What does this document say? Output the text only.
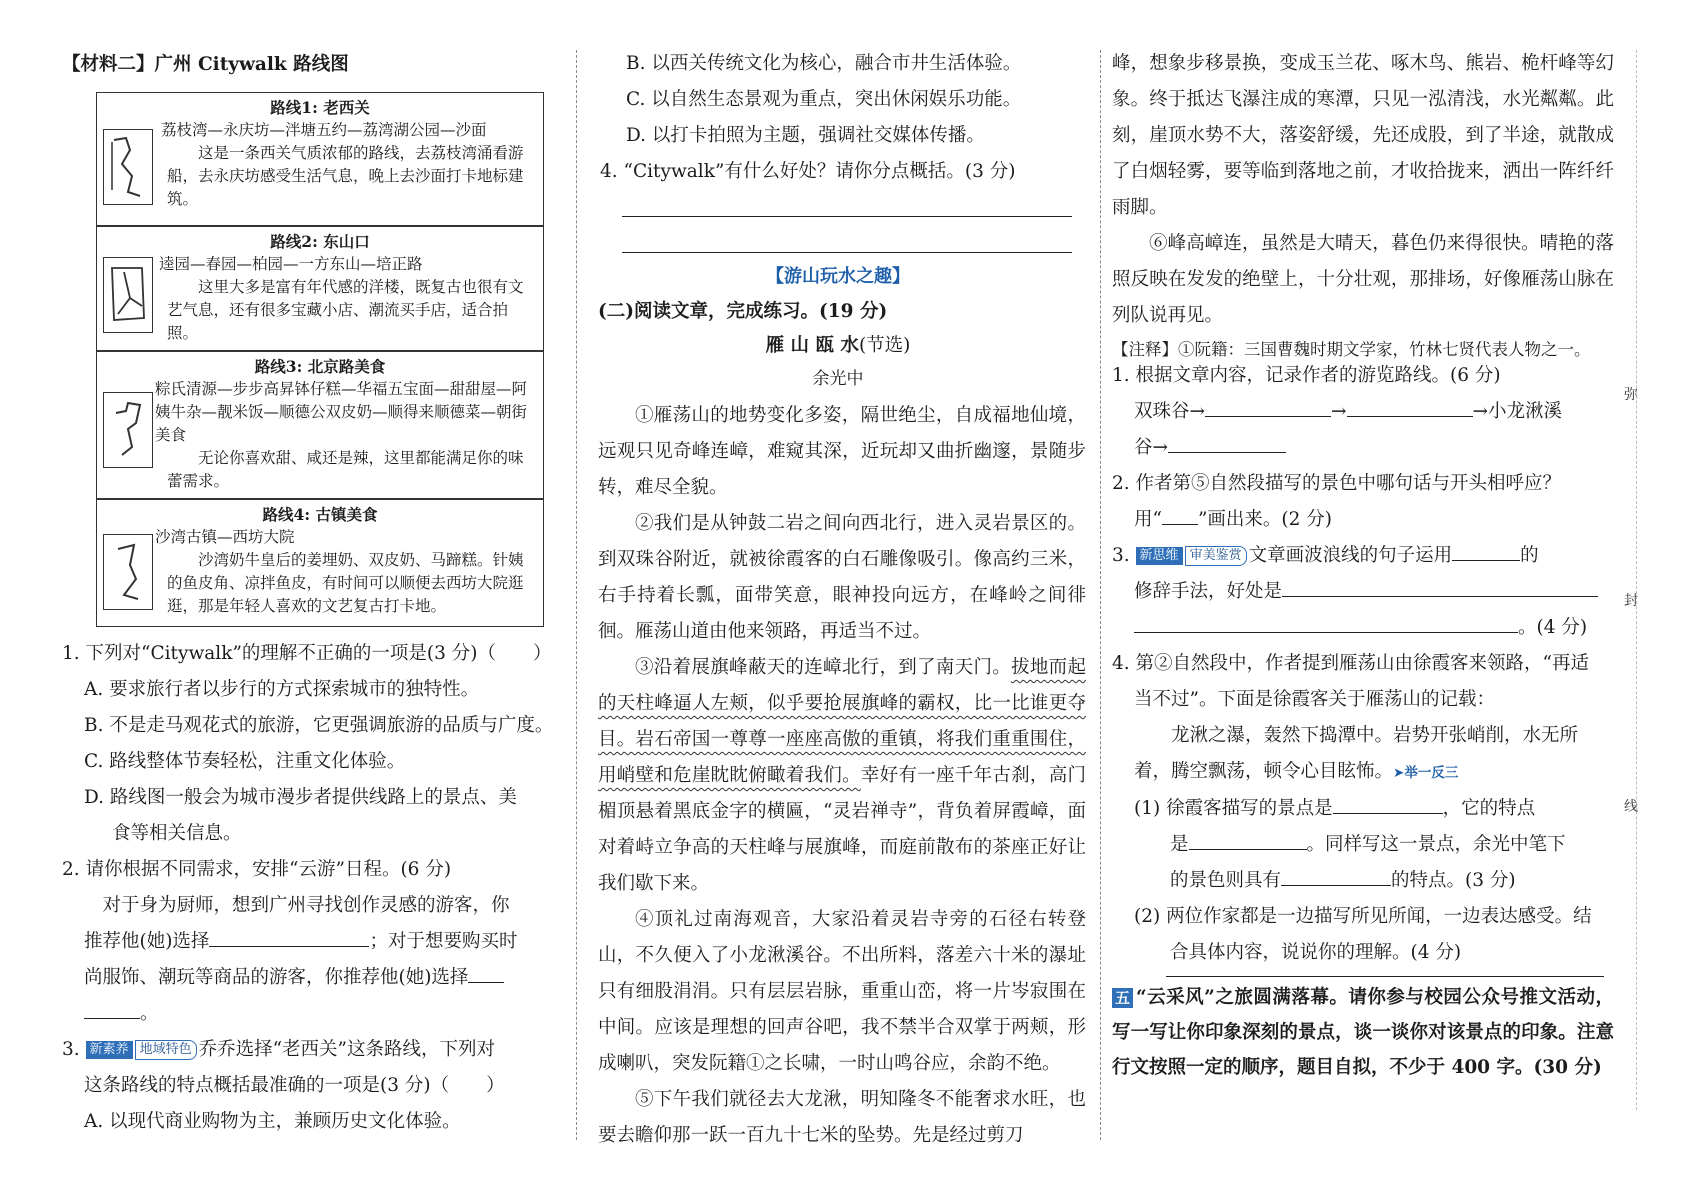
【材料二】广州 Citywalk 路线图
路线1: 老西关

荔枝湾—永庆坊—泮塘五约—荔湾湖公园—沙面

这是一条西关气质浓郁的路线，去荔枝湾涌看游船，去永庆坊感受生活气息，晚上去沙面打卡地标建筑。

路线2: 东山口

逵园—春园—柏园—一方东山—培正路

这里大多是富有年代感的洋楼，既复古也很有文艺气息，还有很多宝藏小店、潮流买手店，适合拍照。

路线3: 北京路美食

粽氏清源—步步高昇钵仔糕—华福五宝面—甜甜屋—阿姨牛杂—靓米饭—顺德公双皮奶—顺得来顺德菜—朝街美食

无论你喜欢甜、咸还是辣，这里都能满足你的味蕾需求。

路线4: 古镇美食

沙湾古镇—西坊大院

沙湾奶牛皇后的姜埋奶、双皮奶、马蹄糕。针姨的鱼皮角、凉拌鱼皮，有时间可以顺便去西坊大院逛逛，那是年轻人喜欢的文艺复古打卡地。

1. 下列对“Citywalk”的理解不正确的一项是(3 分)（　　）

A. 要求旅行者以步行的方式探索城市的独特性。

B. 不是走马观花式的旅游，它更强调旅游的品质与广度。

C. 路线整体节奏轻松，注重文化体验。

D. 路线图一般会为城市漫步者提供线路上的景点、美

食等相关信息。

2. 请你根据不同需求，安排“云游”日程。(6 分)

对于身为厨师，想到广州寻找创作灵感的游客，你

推荐他(她)选择	；对于想要购买时

尚服饰、潮玩等商品的游客，你推荐他(她)选择

。

3. 新素养 地域特色 乔乔选择“老西关”这条路线，下列对

这条路线的特点概括最准确的一项是(3 分)（　　）

A. 以现代商业购物为主，兼顾历史文化体验。

B. 以西关传统文化为核心，融合市井生活体验。

C. 以自然生态景观为重点，突出休闲娱乐功能。

D. 以打卡拍照为主题，强调社交媒体传播。

4. “Citywalk”有什么好处？请你分点概括。(3 分)

【游山玩水之趣】
(二)阅读文章，完成练习。(19 分)
雁 山 瓯 水(节选)
余光中

①雁荡山的地势变化多姿，隔世绝尘，自成福地仙境，远观只见奇峰连嶂，难窥其深，近玩却又曲折幽邃，景随步转，难尽全貌。

②我们是从钟鼓二岩之间向西北行，进入灵岩景区的。到双珠谷附近，就被徐霞客的白石雕像吸引。像高约三米，右手持着长瓢，面带笑意，眼神投向远方，在峰岭之间徘徊。雁荡山道由他来领路，再适当不过。

③沿着展旗峰蔽天的连嶂北行，到了南天门。拔地而起的天柱峰逼人左颊，似乎要抢展旗峰的霸权，比一比谁更夺目。岩石帝国一尊尊一座座高傲的重镇，将我们重重围住，用峭壁和危崖眈眈俯瞰着我们。幸好有一座千年古刹，高门楣顶悬着黑底金字的横匾，“灵岩禅寺”，背负着屏霞嶂，面对着峙立争高的天柱峰与展旗峰，而庭前散布的茶座正好让我们歇下来。

④顶礼过南海观音，大家沿着灵岩寺旁的石径右转登山，不久便入了小龙湫溪谷。不出所料，落差六十米的瀑址只有细股涓涓。只有层层岩脉，重重山峦，将一片岑寂围在中间。应该是理想的回声谷吧，我不禁半合双掌于两颊，形成喇叭，突发阮籍①之长啸，一时山鸣谷应，余韵不绝。

⑤下午我们就径去大龙湫，明知隆冬不能奢求水旺，也要去瞻仰那一跃一百九十七米的坠势。先是经过剪刀

峰，想象步移景换，变成玉兰花、啄木鸟、熊岩、桅杆峰等幻象。终于抵达飞瀑注成的寒潭，只见一泓清浅，水光粼粼。此刻，崖顶水势不大，落姿舒缓，先还成股，到了半途，就散成了白烟轻雾，要等临到落地之前，才收拾拢来，洒出一阵纤纤雨脚。

⑥峰高嶂连，虽然是大晴天，暮色仍来得很快。晴艳的落照反映在发发的绝壁上，十分壮观，那排场，好像雁荡山脉在列队说再见。

【注释】①阮籍：三国曹魏时期文学家，竹林七贤代表人物之一。

1. 根据文章内容，记录作者的游览路线。(6 分)

双珠谷→	→	→小龙湫溪

谷→

2. 作者第⑤自然段描写的景色中哪句话与开头相呼应？

用“ ”画出来。(2 分)

3. 新思维 审美鉴赏 文章画波浪线的句子运用	的

修辞手法，好处是

。(4 分)

4. 第②自然段中，作者提到雁荡山由徐霞客来领路，“再适

当不过”。下面是徐霞客关于雁荡山的记载：

龙湫之瀑，轰然下捣潭中。岩势开张峭削，水无所

着，腾空飘荡，顿令心目眩怖。➤举一反三

(1) 徐霞客描写的景点是	，它的特点

是	。同样写这一景点，余光中笔下

的景色则具有	的特点。(3 分)

(2) 两位作家都是一边描写所见所闻，一边表达感受。结

合具体内容，说说你的理解。(4 分)

五 “云采风”之旅圆满落幕。请你参与校园公众号推文活动，写一写让你印象深刻的景点，谈一谈你对该景点的印象。注意行文按照一定的顺序，题目自拟，不少于 400 字。(30 分)
弥
封
线
